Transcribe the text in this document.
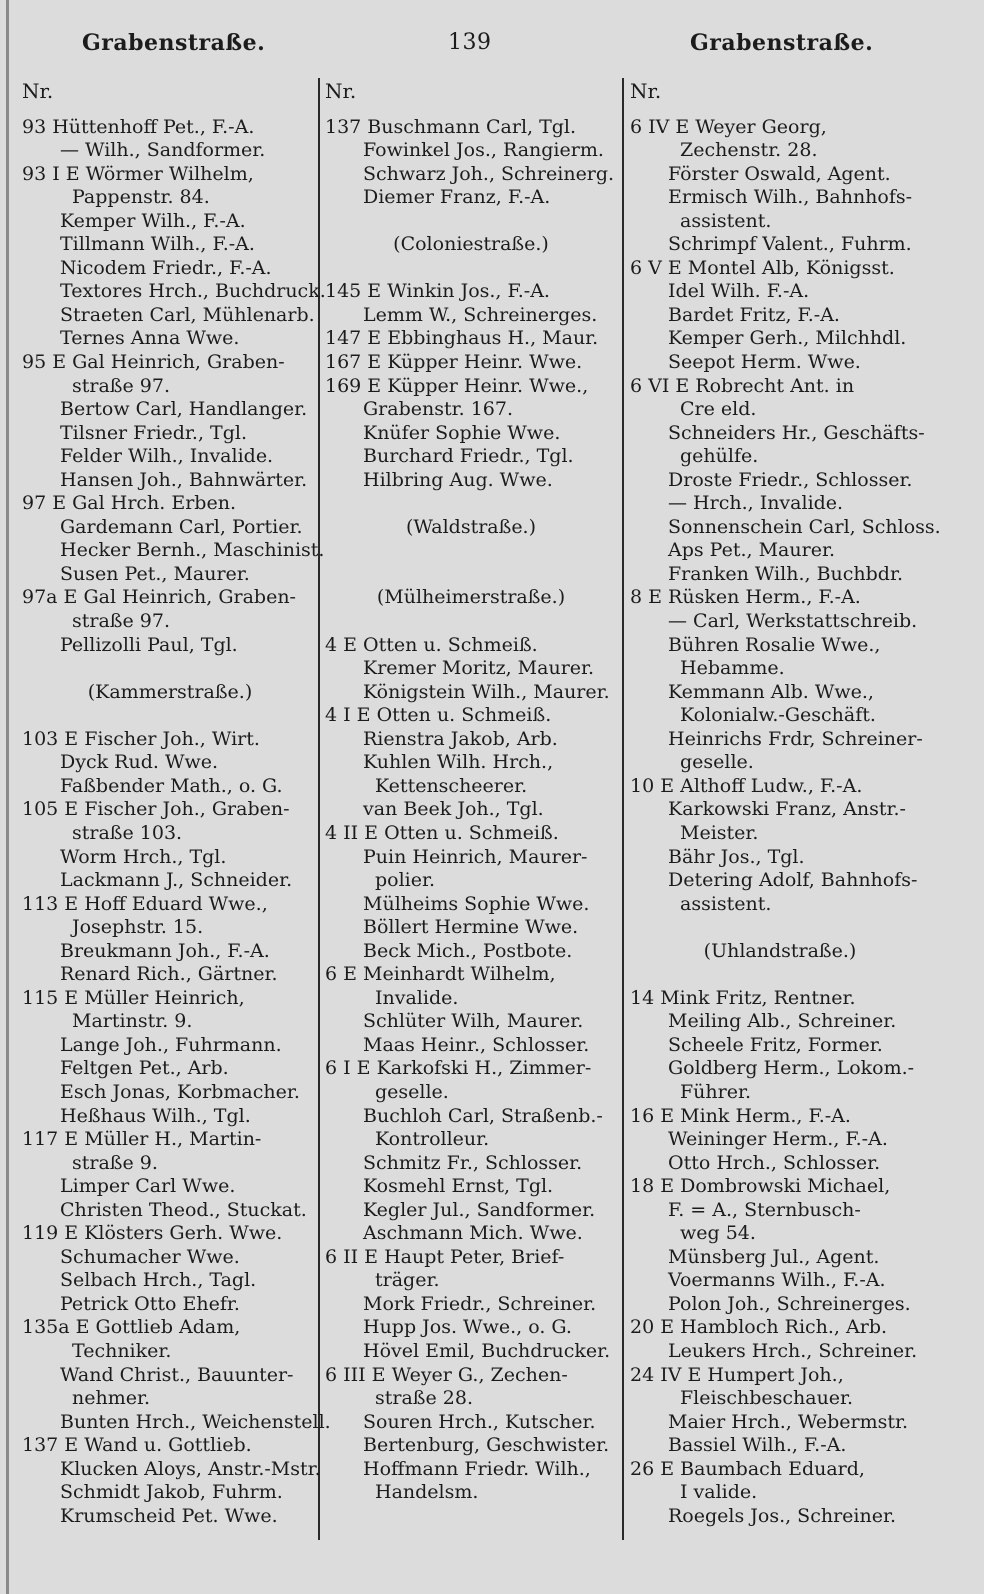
Grabenstraße.	139	Grabenstraße.
Nr.
93 Hüttenhoff Pet., F.-A.
— Wilh., Sandformer.
93 I E Wörmer Wilhelm,
Pappenstr. 84.
Kemper Wilh., F.-A.
Tillmann Wilh., F.-A.
Nicodem Friedr., F.-A.
Textores Hrch., Buchdruck.
Straeten Carl, Mühlenarb.
Ternes Anna Wwe.
95 E Gal Heinrich, Graben-
straße 97.
Bertow Carl, Handlanger.
Tilsner Friedr., Tgl.
Felder Wilh., Invalide.
Hansen Joh., Bahnwärter.
97 E Gal Hrch. Erben.
Gardemann Carl, Portier.
Hecker Bernh., Maschinist.
Susen Pet., Maurer.
97a E Gal Heinrich, Graben-
straße 97.
Pellizolli Paul, Tgl.
(Kammerstraße.)
103 E Fischer Joh., Wirt.
Dyck Rud. Wwe.
Faßbender Math., o. G.
105 E Fischer Joh., Graben-
straße 103.
Worm Hrch., Tgl.
Lackmann J., Schneider.
113 E Hoff Eduard Wwe.,
Josephstr. 15.
Breukmann Joh., F.-A.
Renard Rich., Gärtner.
115 E Müller Heinrich,
Martinstr. 9.
Lange Joh., Fuhrmann.
Feltgen Pet., Arb.
Esch Jonas, Korbmacher.
Heßhaus Wilh., Tgl.
117 E Müller H., Martin-
straße 9.
Limper Carl Wwe.
Christen Theod., Stuckat.
119 E Klösters Gerh. Wwe.
Schumacher Wwe.
Selbach Hrch., Tagl.
Petrick Otto Ehefr.
135a E Gottlieb Adam,
Techniker.
Wand Christ., Bauunter-
nehmer.
Bunten Hrch., Weichenstell.
137 E Wand u. Gottlieb.
Klucken Aloys, Anstr.-Mstr.
Schmidt Jakob, Fuhrm.
Krumscheid Pet. Wwe.
Nr.
137 Buschmann Carl, Tgl.
Fowinkel Jos., Rangierm.
Schwarz Joh., Schreinerg.
Diemer Franz, F.-A.
(Coloniestraße.)
145 E Winkin Jos., F.-A.
Lemm W., Schreinerges.
147 E Ebbinghaus H., Maur.
167 E Küpper Heinr. Wwe.
169 E Küpper Heinr. Wwe.,
Grabenstr. 167.
Knüfer Sophie Wwe.
Burchard Friedr., Tgl.
Hilbring Aug. Wwe.
(Waldstraße.)
(Mülheimerstraße.)
4 E Otten u. Schmeiß.
Kremer Moritz, Maurer.
Königstein Wilh., Maurer.
4 I E Otten u. Schmeiß.
Rienstra Jakob, Arb.
Kuhlen Wilh. Hrch.,
Kettenscheerer.
van Beek Joh., Tgl.
4 II E Otten u. Schmeiß.
Puin Heinrich, Maurer-
polier.
Mülheims Sophie Wwe.
Böllert Hermine Wwe.
Beck Mich., Postbote.
6 E Meinhardt Wilhelm,
Invalide.
Schlüter Wilh, Maurer.
Maas Heinr., Schlosser.
6 I E Karkofski H., Zimmer-
geselle.
Buchloh Carl, Straßenb.-
Kontrolleur.
Schmitz Fr., Schlosser.
Kosmehl Ernst, Tgl.
Kegler Jul., Sandformer.
Aschmann Mich. Wwe.
6 II E Haupt Peter, Brief-
träger.
Mork Friedr., Schreiner.
Hupp Jos. Wwe., o. G.
Hövel Emil, Buchdrucker.
6 III E Weyer G., Zechen-
straße 28.
Souren Hrch., Kutscher.
Bertenburg, Geschwister.
Hoffmann Friedr. Wilh.,
Handelsm.
Nr.
6 IV E Weyer Georg,
Zechenstr. 28.
Förster Oswald, Agent.
Ermisch Wilh., Bahnhofs-
assistent.
Schrimpf Valent., Fuhrm.
6 V E Montel Alb, Königsst.
Idel Wilh. F.-A.
Bardet Fritz, F.-A.
Kemper Gerh., Milchhdl.
Seepot Herm. Wwe.
6 VI E Robrecht Ant. in
Cre eld.
Schneiders Hr., Geschäfts-
gehülfe.
Droste Friedr., Schlosser.
— Hrch., Invalide.
Sonnenschein Carl, Schloss.
Aps Pet., Maurer.
Franken Wilh., Buchbdr.
8 E Rüsken Herm., F.-A.
— Carl, Werkstattschreib.
Bühren Rosalie Wwe.,
Hebamme.
Kemmann Alb. Wwe.,
Kolonialw.-Geschäft.
Heinrichs Frdr, Schreiner-
geselle.
10 E Althoff Ludw., F.-A.
Karkowski Franz, Anstr.-
Meister.
Bähr Jos., Tgl.
Detering Adolf, Bahnhofs-
assistent.
(Uhlandstraße.)
14 Mink Fritz, Rentner.
Meiling Alb., Schreiner.
Scheele Fritz, Former.
Goldberg Herm., Lokom.-
Führer.
16 E Mink Herm., F.-A.
Weininger Herm., F.-A.
Otto Hrch., Schlosser.
18 E Dombrowski Michael,
F. = A., Sternbusch-
weg 54.
Münsberg Jul., Agent.
Voermanns Wilh., F.-A.
Polon Joh., Schreinerges.
20 E Hambloch Rich., Arb.
Leukers Hrch., Schreiner.
24 IV E Humpert Joh.,
Fleischbeschauer.
Maier Hrch., Webermstr.
Bassiel Wilh., F.-A.
26 E Baumbach Eduard,
I valide.
Roegels Jos., Schreiner.
